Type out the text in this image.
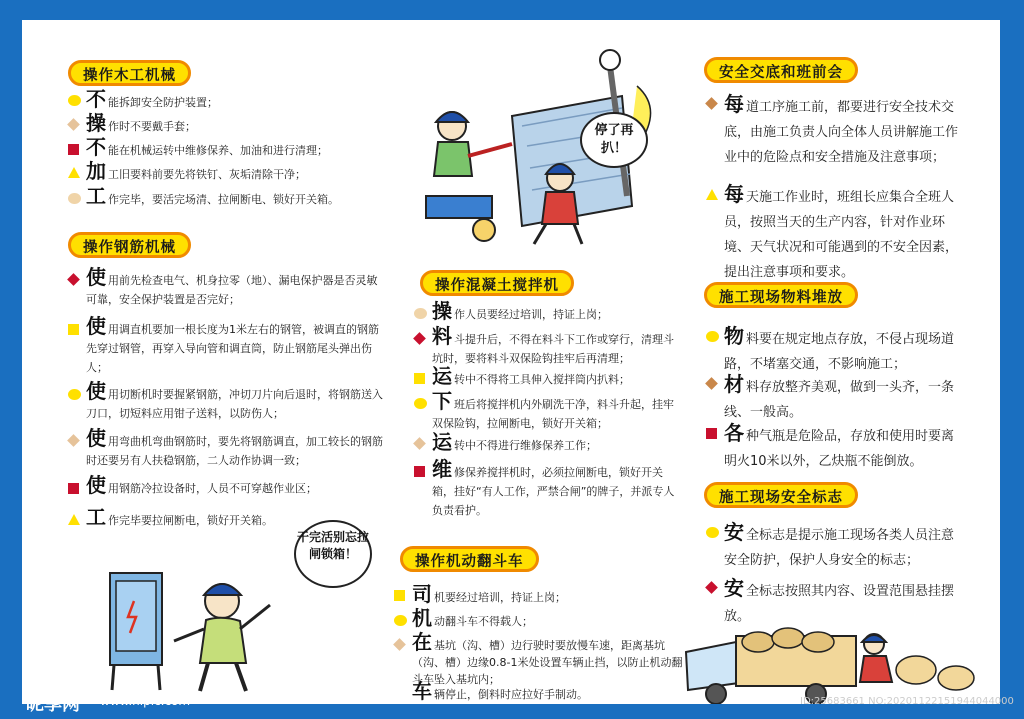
操作木工机械
不能拆卸安全防护装置；
操作时不要戴手套；
不能在机械运转中维修保养、加油和进行清理；
加工旧要料前要先将铁钉、灰垢清除干净；
工作完毕，要活完场清、拉闸断电、锁好开关箱。
操作钢筋机械
使用前先检查电气、机身拉零（地）、漏电保护器是否灵敏可靠，安全保护装置是否完好；
使用调直机要加一根长度为1米左右的钢管，被调直的钢筋先穿过钢管，再穿入导向管和调直筒，防止钢筋尾头弹出伤人；
使用切断机时要握紧钢筋，冲切刀片向后退时，将钢筋送入刀口，切短料应用钳子送料，以防伤人；
使用弯曲机弯曲钢筋时，要先将钢筋调直，加工较长的钢筋时还要另有人扶稳钢筋，二人动作协调一致；
使用钢筋冷拉设备时，人员不可穿越作业区；
工作完毕要拉闸断电，锁好开关箱。
干完活别忘拉闸锁箱！
停了再扒！
操作混凝土搅拌机
操作人员要经过培训，持证上岗；
料斗提升后，不得在料斗下工作或穿行，清理斗坑时，要将料斗双保险钩挂牢后再清理；
运转中不得将工具伸入搅拌筒内扒料；
下班后将搅拌机内外刷洗干净，料斗升起，挂牢双保险钩，拉闸断电，锁好开关箱；
运转中不得进行维修保养工作；
维修保养搅拌机时，必须拉闸断电，锁好开关箱，挂好“有人工作，严禁合闸”的牌子，并派专人负责看护。
操作机动翻斗车
司机要经过培训，持证上岗；
机动翻斗车不得载人；
在基坑（沟、槽）边行驶时要放慢车速，距离基坑（沟、槽）边缘0.8-1米处设置车辆止挡，以防止机动翻斗车坠入基坑内；
车辆停止，倒料时应拉好手制动。
安全交底和班前会
每道工序施工前，都要进行安全技术交底，由施工负责人向全体人员讲解施工作业中的危险点和安全措施及注意事项；
每天施工作业时，班组长应集合全班人员，按照当天的生产内容，针对作业环境、天气状况和可能遇到的不安全因素，提出注意事项和要求。
施工现场物料堆放
物料要在规定地点存放，不侵占现场道路，不堵塞交通，不影响施工；
材料存放整齐美观，做到一头齐，一条线、一般高。
各种气瓶是危险品，存放和使用时要离明火10米以外，乙炔瓶不能倒放。
施工现场安全标志
安全标志是提示施工现场各类人员注意安全防护，保护人身安全的标志；
安全标志按照其内容、设置范围悬挂摆放。
昵享网 www.nipic.com	ID:25683661 NO:20201122151944044000
